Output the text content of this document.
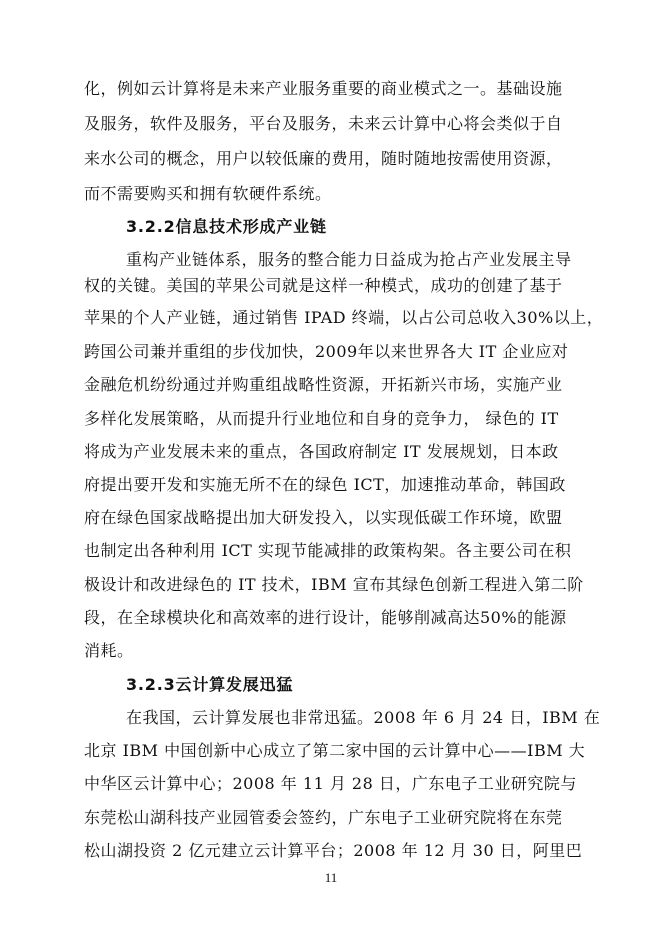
化，例如云计算将是未来产业服务重要的商业模式之一。基础设施
及服务，软件及服务，平台及服务，未来云计算中心将会类似于自
来水公司的概念，用户以较低廉的费用，随时随地按需使用资源，
而不需要购买和拥有软硬件系统。
3.2.2信息技术形成产业链
重构产业链体系，服务的整合能力日益成为抢占产业发展主导
权的关键。美国的苹果公司就是这样一种模式，成功的创建了基于
苹果的个人产业链，通过销售 IPAD 终端，以占公司总收入30%以上，
跨国公司兼并重组的步伐加快，2009年以来世界各大 IT 企业应对
金融危机纷纷通过并购重组战略性资源，开拓新兴市场，实施产业
多样化发展策略，从而提升行业地位和自身的竞争力， 绿色的 IT
将成为产业发展未来的重点，各国政府制定 IT 发展规划，日本政
府提出要开发和实施无所不在的绿色 ICT，加速推动革命，韩国政
府在绿色国家战略提出加大研发投入，以实现低碳工作环境，欧盟
也制定出各种利用 ICT 实现节能减排的政策构架。各主要公司在积
极设计和改进绿色的 IT 技术，IBM 宣布其绿色创新工程进入第二阶
段，在全球模块化和高效率的进行设计，能够削减高达50%的能源
消耗。
3.2.3云计算发展迅猛
在我国，云计算发展也非常迅猛。2008 年 6 月 24 日，IBM 在
北京 IBM 中国创新中心成立了第二家中国的云计算中心——IBM 大
中华区云计算中心；2008 年 11 月 28 日，广东电子工业研究院与
东莞松山湖科技产业园管委会签约，广东电子工业研究院将在东莞
松山湖投资 2 亿元建立云计算平台；2008 年 12 月 30 日，阿里巴
11
